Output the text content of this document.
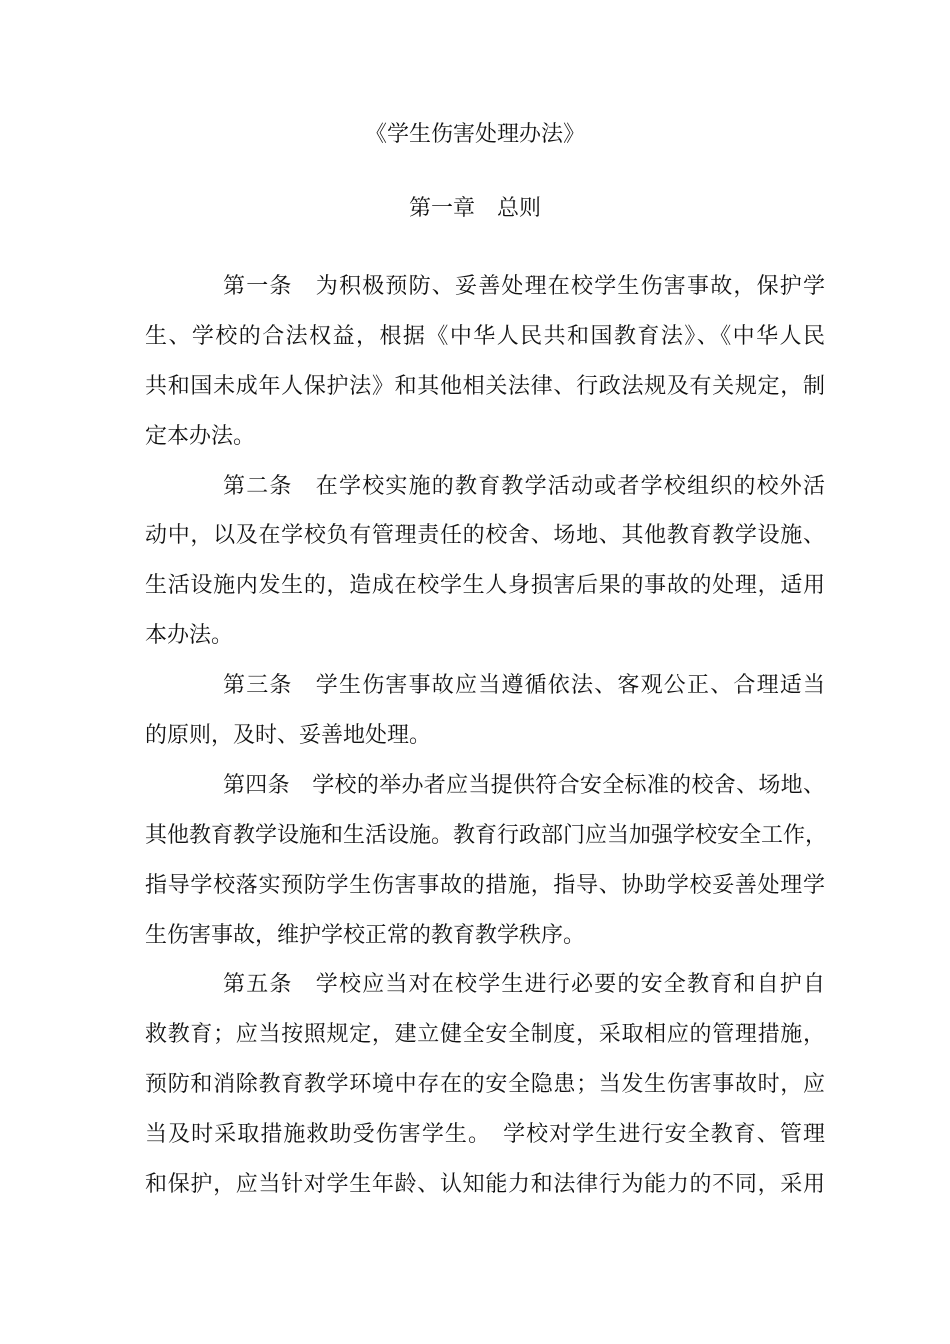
《学生伤害处理办法》
第一章　总则
第一条　为积极预防、妥善处理在校学生伤害事故，保护学
生、学校的合法权益，根据《中华人民共和国教育法》、《中华人民
共和国未成年人保护法》和其他相关法律、行政法规及有关规定，制
定本办法。
第二条　在学校实施的教育教学活动或者学校组织的校外活
动中，以及在学校负有管理责任的校舍、场地、其他教育教学设施、
生活设施内发生的，造成在校学生人身损害后果的事故的处理，适用
本办法。
第三条　学生伤害事故应当遵循依法、客观公正、合理适当
的原则，及时、妥善地处理。
第四条　学校的举办者应当提供符合安全标准的校舍、场地、
其他教育教学设施和生活设施。教育行政部门应当加强学校安全工作，
指导学校落实预防学生伤害事故的措施，指导、协助学校妥善处理学
生伤害事故，维护学校正常的教育教学秩序。
第五条　学校应当对在校学生进行必要的安全教育和自护自
救教育；应当按照规定，建立健全安全制度，采取相应的管理措施，
预防和消除教育教学环境中存在的安全隐患；当发生伤害事故时，应
当及时采取措施救助受伤害学生。　学校对学生进行安全教育、管理
和保护，应当针对学生年龄、认知能力和法律行为能力的不同，采用
